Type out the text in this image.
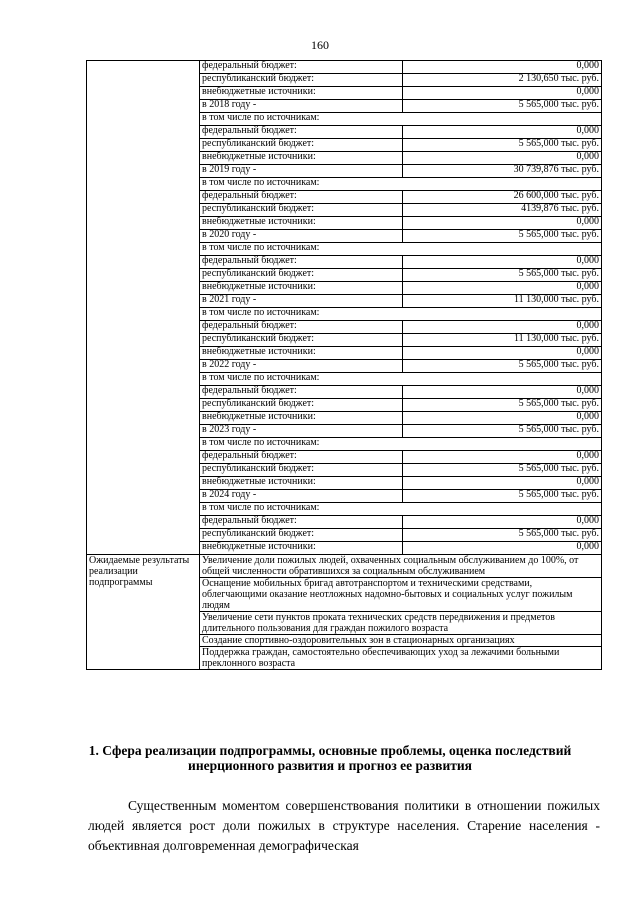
160
	федеральный бюджет:	0,000
	республиканский бюджет:	2 130,650 тыс. руб.
	внебюджетные источники:	0,000
	в 2018 году -	5 565,000 тыс. руб.
	в том числе по источникам:	
	федеральный бюджет:	0,000
	республиканский бюджет:	5 565,000 тыс. руб.
	внебюджетные источники:	0,000
	в 2019 году -	30 739,876 тыс. руб.
	в том числе по источникам:	
	федеральный бюджет:	26 600,000 тыс. руб.
	республиканский бюджет:	4139,876 тыс. руб.
	внебюджетные источники:	0,000
	в 2020 году -	5 565,000 тыс. руб.
	в том числе по источникам:	
	федеральный бюджет:	0,000
	республиканский бюджет:	5 565,000 тыс. руб.
	внебюджетные источники:	0,000
	в 2021 году -	11 130,000 тыс. руб.
	в том числе по источникам:	
	федеральный бюджет:	0,000
	республиканский бюджет:	11 130,000 тыс. руб.
	внебюджетные источники:	0,000
	в 2022 году -	5 565,000 тыс. руб.
	в том числе по источникам:	
	федеральный бюджет:	0,000
	республиканский бюджет:	5 565,000 тыс. руб.
	внебюджетные источники:	0,000
	в 2023 году -	5 565,000 тыс. руб.
	в том числе по источникам:	
	федеральный бюджет:	0,000
	республиканский бюджет:	5 565,000 тыс. руб.
	внебюджетные источники:	0,000
	в 2024 году -	5 565,000 тыс. руб.
	в том числе по источникам:	
	федеральный бюджет:	0,000
	республиканский бюджет:	5 565,000 тыс. руб.
	внебюджетные источники:	0,000
Ожидаемые результаты реализации подпрограммы	Увеличение доли пожилых людей, охваченных социальным обслуживанием до 100%, от общей численности обратившихся за социальным обслуживанием	
	Оснащение мобильных бригад автотранспортом и техническими средствами, облегчающими оказание неотложных надомно-бытовых и социальных услуг пожилым людям	
	Увеличение сети пунктов проката технических средств передвижения и предметов длительного пользования для граждан пожилого возраста	
	Создание спортивно-оздоровительных зон в стационарных организациях	
	Поддержка граждан, самостоятельно обеспечивающих уход за лежачими больными преклонного возраста	
1. Сфера реализации подпрограммы, основные проблемы, оценка последствий инерционного развития и прогноз ее развития

Существенным моментом совершенствования политики в отношении пожилых людей является рост доли пожилых в структуре населения. Старение населения - объективная долговременная демографическая
